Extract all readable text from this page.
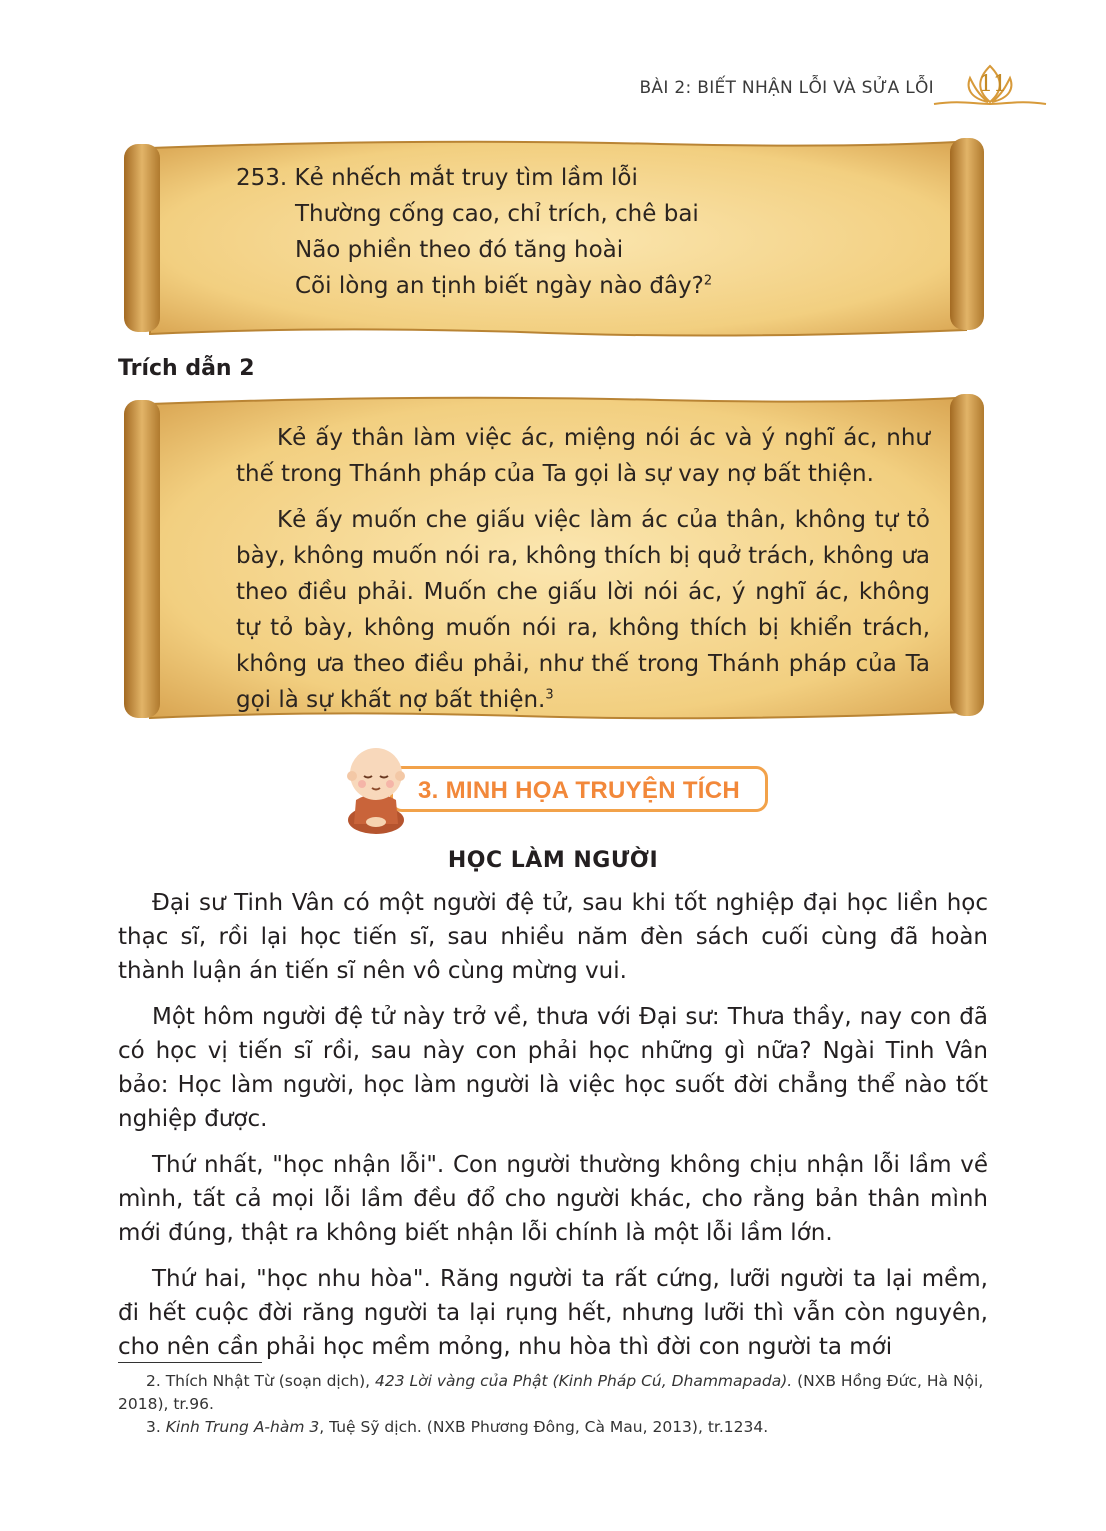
BÀI 2: BIẾT NHẬN LỖI VÀ SỬA LỖI	11
253. Kẻ nhếch mắt truy tìm lầm lỗi
Thường cống cao, chỉ trích, chê bai
Não phiền theo đó tăng hoài
Cõi lòng an tịnh biết ngày nào đây?$^2$
Trích dẫn 2

Kẻ ấy thân làm việc ác, miệng nói ác và ý nghĩ ác, như thế trong Thánh pháp của Ta gọi là sự vay nợ bất thiện.

Kẻ ấy muốn che giấu việc làm ác của thân, không tự tỏ bày, không muốn nói ra, không thích bị quở trách, không ưa theo điều phải. Muốn che giấu lời nói ác, ý nghĩ ác, không tự tỏ bày, không muốn nói ra, không thích bị khiển trách, không ưa theo điều phải, như thế trong Thánh pháp của Ta gọi là sự khất nợ bất thiện.$^3$

3. MINH HỌA TRUYỆN TÍCH
HỌC LÀM NGƯỜI

Đại sư Tinh Vân có một người đệ tử, sau khi tốt nghiệp đại học liền học thạc sĩ, rồi lại học tiến sĩ, sau nhiều năm đèn sách cuối cùng đã hoàn thành luận án tiến sĩ nên vô cùng mừng vui.

Một hôm người đệ tử này trở về, thưa với Đại sư: Thưa thầy, nay con đã có học vị tiến sĩ rồi, sau này con phải học những gì nữa? Ngài Tinh Vân bảo: Học làm người, học làm người là việc học suốt đời chẳng thể nào tốt nghiệp được.

Thứ nhất, "học nhận lỗi". Con người thường không chịu nhận lỗi lầm về mình, tất cả mọi lỗi lầm đều đổ cho người khác, cho rằng bản thân mình mới đúng, thật ra không biết nhận lỗi chính là một lỗi lầm lớn.

Thứ hai, "học nhu hòa". Răng người ta rất cứng, lưỡi người ta lại mềm, đi hết cuộc đời răng người ta lại rụng hết, nhưng lưỡi thì vẫn còn nguyên, cho nên cần phải học mềm mỏng, nhu hòa thì đời con người ta mới

2. Thích Nhật Từ (soạn dịch), 423 Lời vàng của Phật (Kinh Pháp Cú, Dhammapada). (NXB Hồng Đức, Hà Nội, 2018), tr.96.

3. Kinh Trung A-hàm 3, Tuệ Sỹ dịch. (NXB Phương Đông, Cà Mau, 2013), tr.1234.
